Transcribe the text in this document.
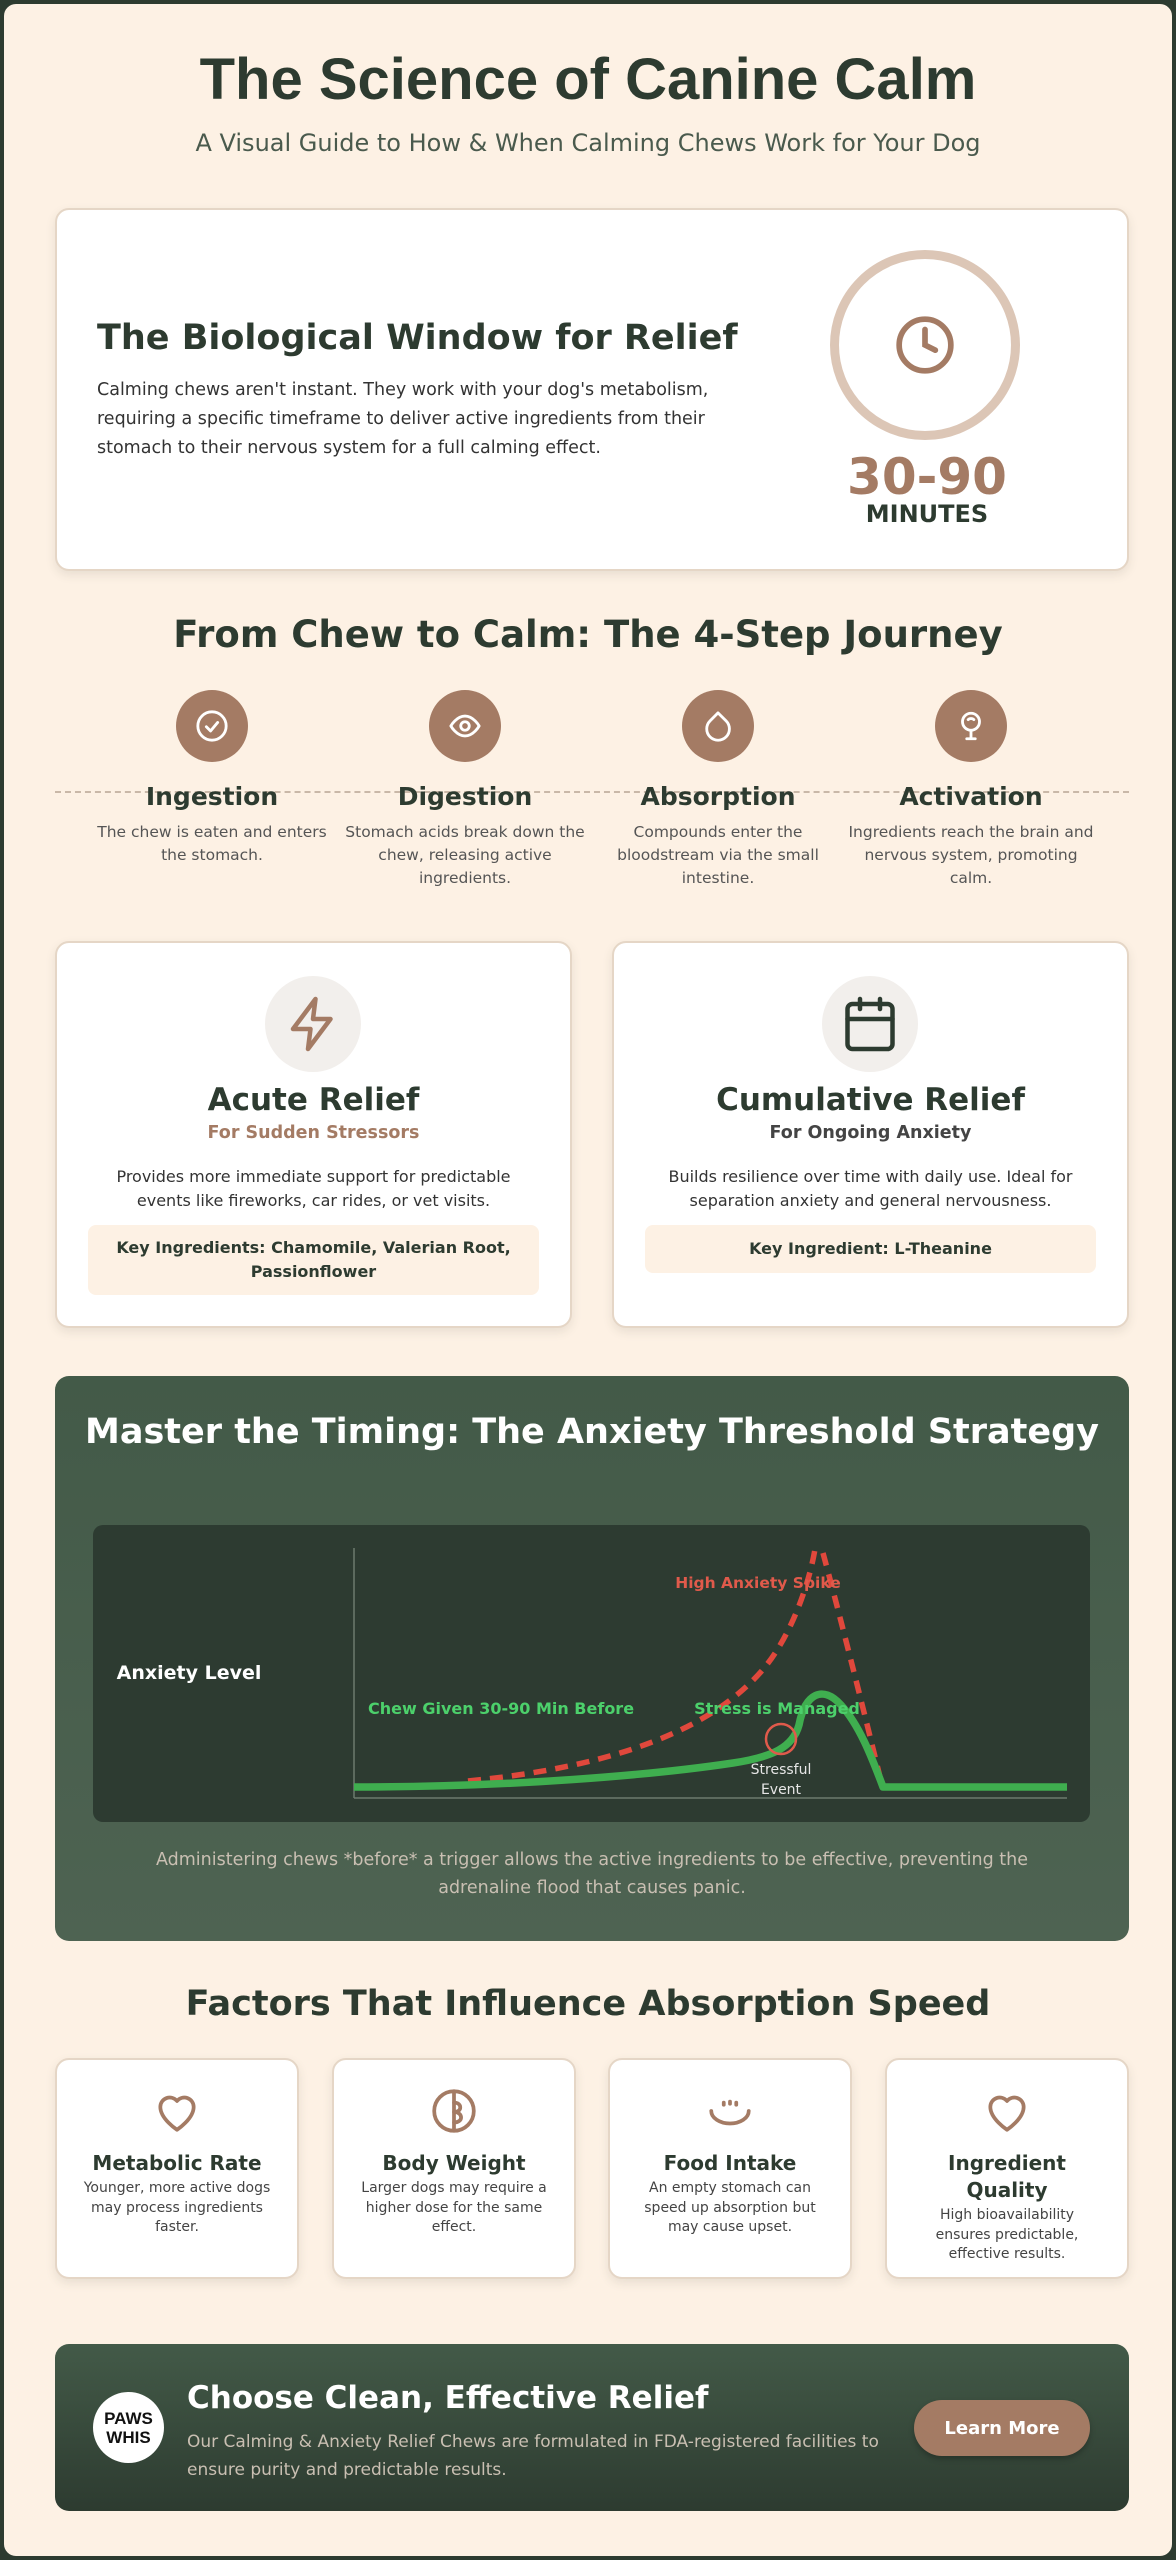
The Science of Canine Calm
A Visual Guide to How & When Calming Chews Work for Your Dog
The Biological Window for Relief

Calming chews aren't instant. They work with your dog's metabolism, requiring a specific timeframe to deliver active ingredients from their stomach to their nervous system for a full calming effect.	30-90
MINUTES
From Chew to Calm: The 4-Step Journey
Ingestion

The chew is eaten and enters the stomach.

Digestion

Stomach acids break down the chew, releasing active ingredients.

Absorption

Compounds enter the bloodstream via the small intestine.

Activation

Ingredients reach the brain and nervous system, promoting calm.

Acute Relief
For Sudden Stressors
Provides more immediate support for predictable events like fireworks, car rides, or vet visits.
Key Ingredients: Chamomile, Valerian Root, Passionflower
Cumulative Relief
For Ongoing Anxiety
Builds resilience over time with daily use. Ideal for separation anxiety and general nervousness.
Key Ingredient: L-Theanine
Master the Timing: The Anxiety Threshold Strategy
Anxiety Level
High Anxiety Spike
Chew Given 30-90 Min Before	Stress is Managed
Stressful
Event
Administering chews *before* a trigger allows the active ingredients to be effective, preventing the adrenaline flood that causes panic.
Factors That Influence Absorption Speed
Metabolic Rate

Younger, more active dogs may process ingredients faster.

Body Weight

Larger dogs may require a higher dose for the same effect.

Food Intake

An empty stomach can speed up absorption but may cause upset.

Ingredient Quality

High bioavailability ensures predictable, effective results.

PAWS
WHIS
Choose Clean, Effective Relief

Our Calming & Anxiety Relief Chews are formulated in FDA-registered facilities to ensure purity and predictable results.

Learn More
